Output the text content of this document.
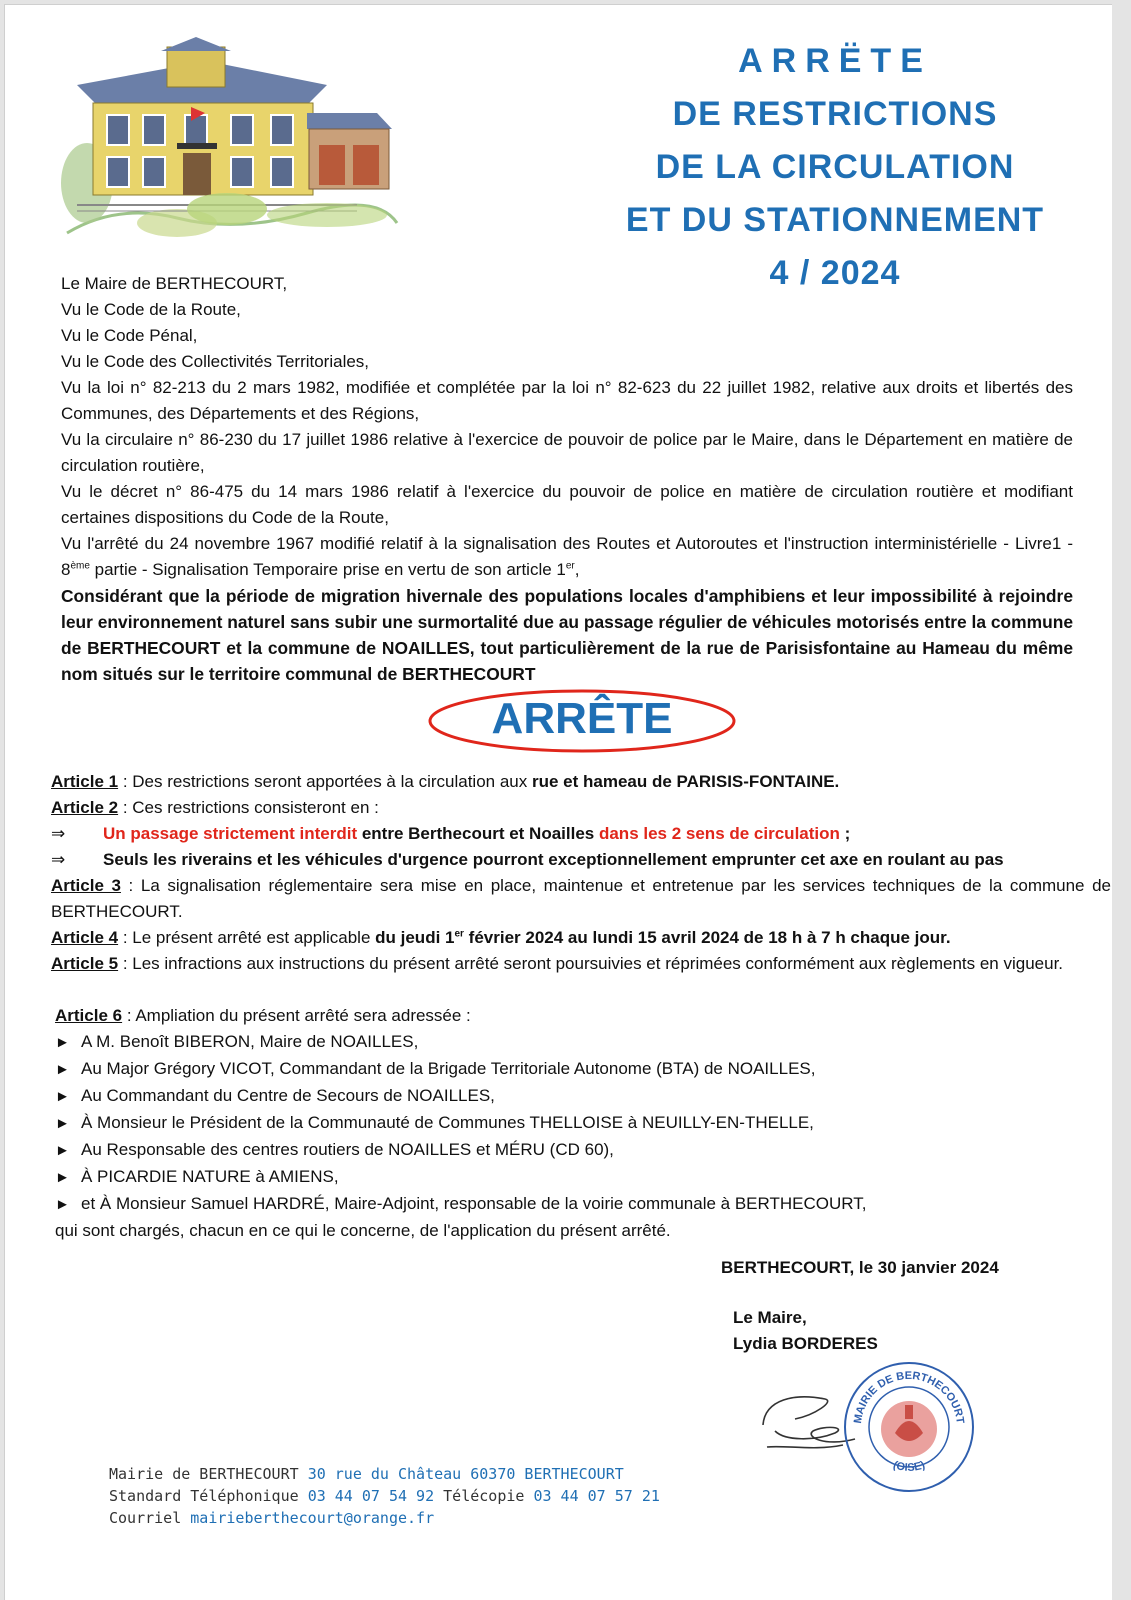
ARRËTE
DE RESTRICTIONS
DE LA CIRCULATION
ET DU STATIONNEMENT
4 / 2024

Le Maire de BERTHECOURT,

Vu le Code de la Route,

Vu le Code Pénal,

Vu le Code des Collectivités Territoriales,

Vu la loi n° 82-213 du 2 mars 1982, modifiée et complétée par la loi n° 82-623 du 22 juillet 1982, relative aux droits et libertés des Communes, des Départements et des Régions,

Vu la circulaire n° 86-230 du 17 juillet 1986 relative à l'exercice de pouvoir de police par le Maire, dans le Département en matière de circulation routière,

Vu le décret n° 86-475 du 14 mars 1986 relatif à l'exercice du pouvoir de police en matière de circulation routière et modifiant certaines dispositions du Code de la Route,

Vu l'arrêté du 24 novembre 1967 modifié relatif à la signalisation des Routes et Autoroutes et l'instruction interministérielle - Livre1 - 8ème partie - Signalisation Temporaire prise en vertu de son article 1er,

Considérant que la période de migration hivernale des populations locales d'amphibiens et leur impossibilité à rejoindre leur environnement naturel sans subir une surmortalité due au passage régulier de véhicules motorisés entre la commune de BERTHECOURT et la commune de NOAILLES, tout particulièrement de la rue de Parisisfontaine au Hameau du même nom situés sur le territoire communal de BERTHECOURT

ARRÊTE

Article 1 : Des restrictions seront apportées à la circulation aux rue et hameau de PARISIS-FONTAINE.

Article 2 : Ces restrictions consisteront en :

⇒ Un passage strictement interdit entre Berthecourt et Noailles dans les 2 sens de circulation ;

⇒ Seuls les riverains et les véhicules d'urgence pourront exceptionnellement emprunter cet axe en roulant au pas

Article 3 : La signalisation réglementaire sera mise en place, maintenue et entretenue par les services techniques de la commune de BERTHECOURT.

Article 4 : Le présent arrêté est applicable du jeudi 1er février 2024 au lundi 15 avril 2024 de 18 h à 7 h chaque jour.

Article 5 : Les infractions aux instructions du présent arrêté seront poursuivies et réprimées conformément aux règlements en vigueur.

Article 6 : Ampliation du présent arrêté sera adressée :

► A M. Benoît BIBERON, Maire de NOAILLES,

► Au Major Grégory VICOT, Commandant de la Brigade Territoriale Autonome (BTA) de NOAILLES,

► Au Commandant du Centre de Secours de NOAILLES,

► À Monsieur le Président de la Communauté de Communes THELLOISE à NEUILLY-EN-THELLE,

► Au Responsable des centres routiers de NOAILLES et MÉRU (CD 60),

► À PICARDIE NATURE à AMIENS,

► et À Monsieur Samuel HARDRÉ, Maire-Adjoint, responsable de la voirie communale à BERTHECOURT,

qui sont chargés, chacun en ce qui le concerne, de l'application du présent arrêté.

BERTHECOURT, le 30 janvier 2024
Le Maire,
Lydia BORDERES
MAIRIE DE BERTHECOURT
(OISE)
Mairie de BERTHECOURT 30 rue du Château 60370 BERTHECOURT
Standard Téléphonique 03 44 07 54 92 Télécopie 03 44 07 57 21
Courriel mairieberthecourt@orange.fr
